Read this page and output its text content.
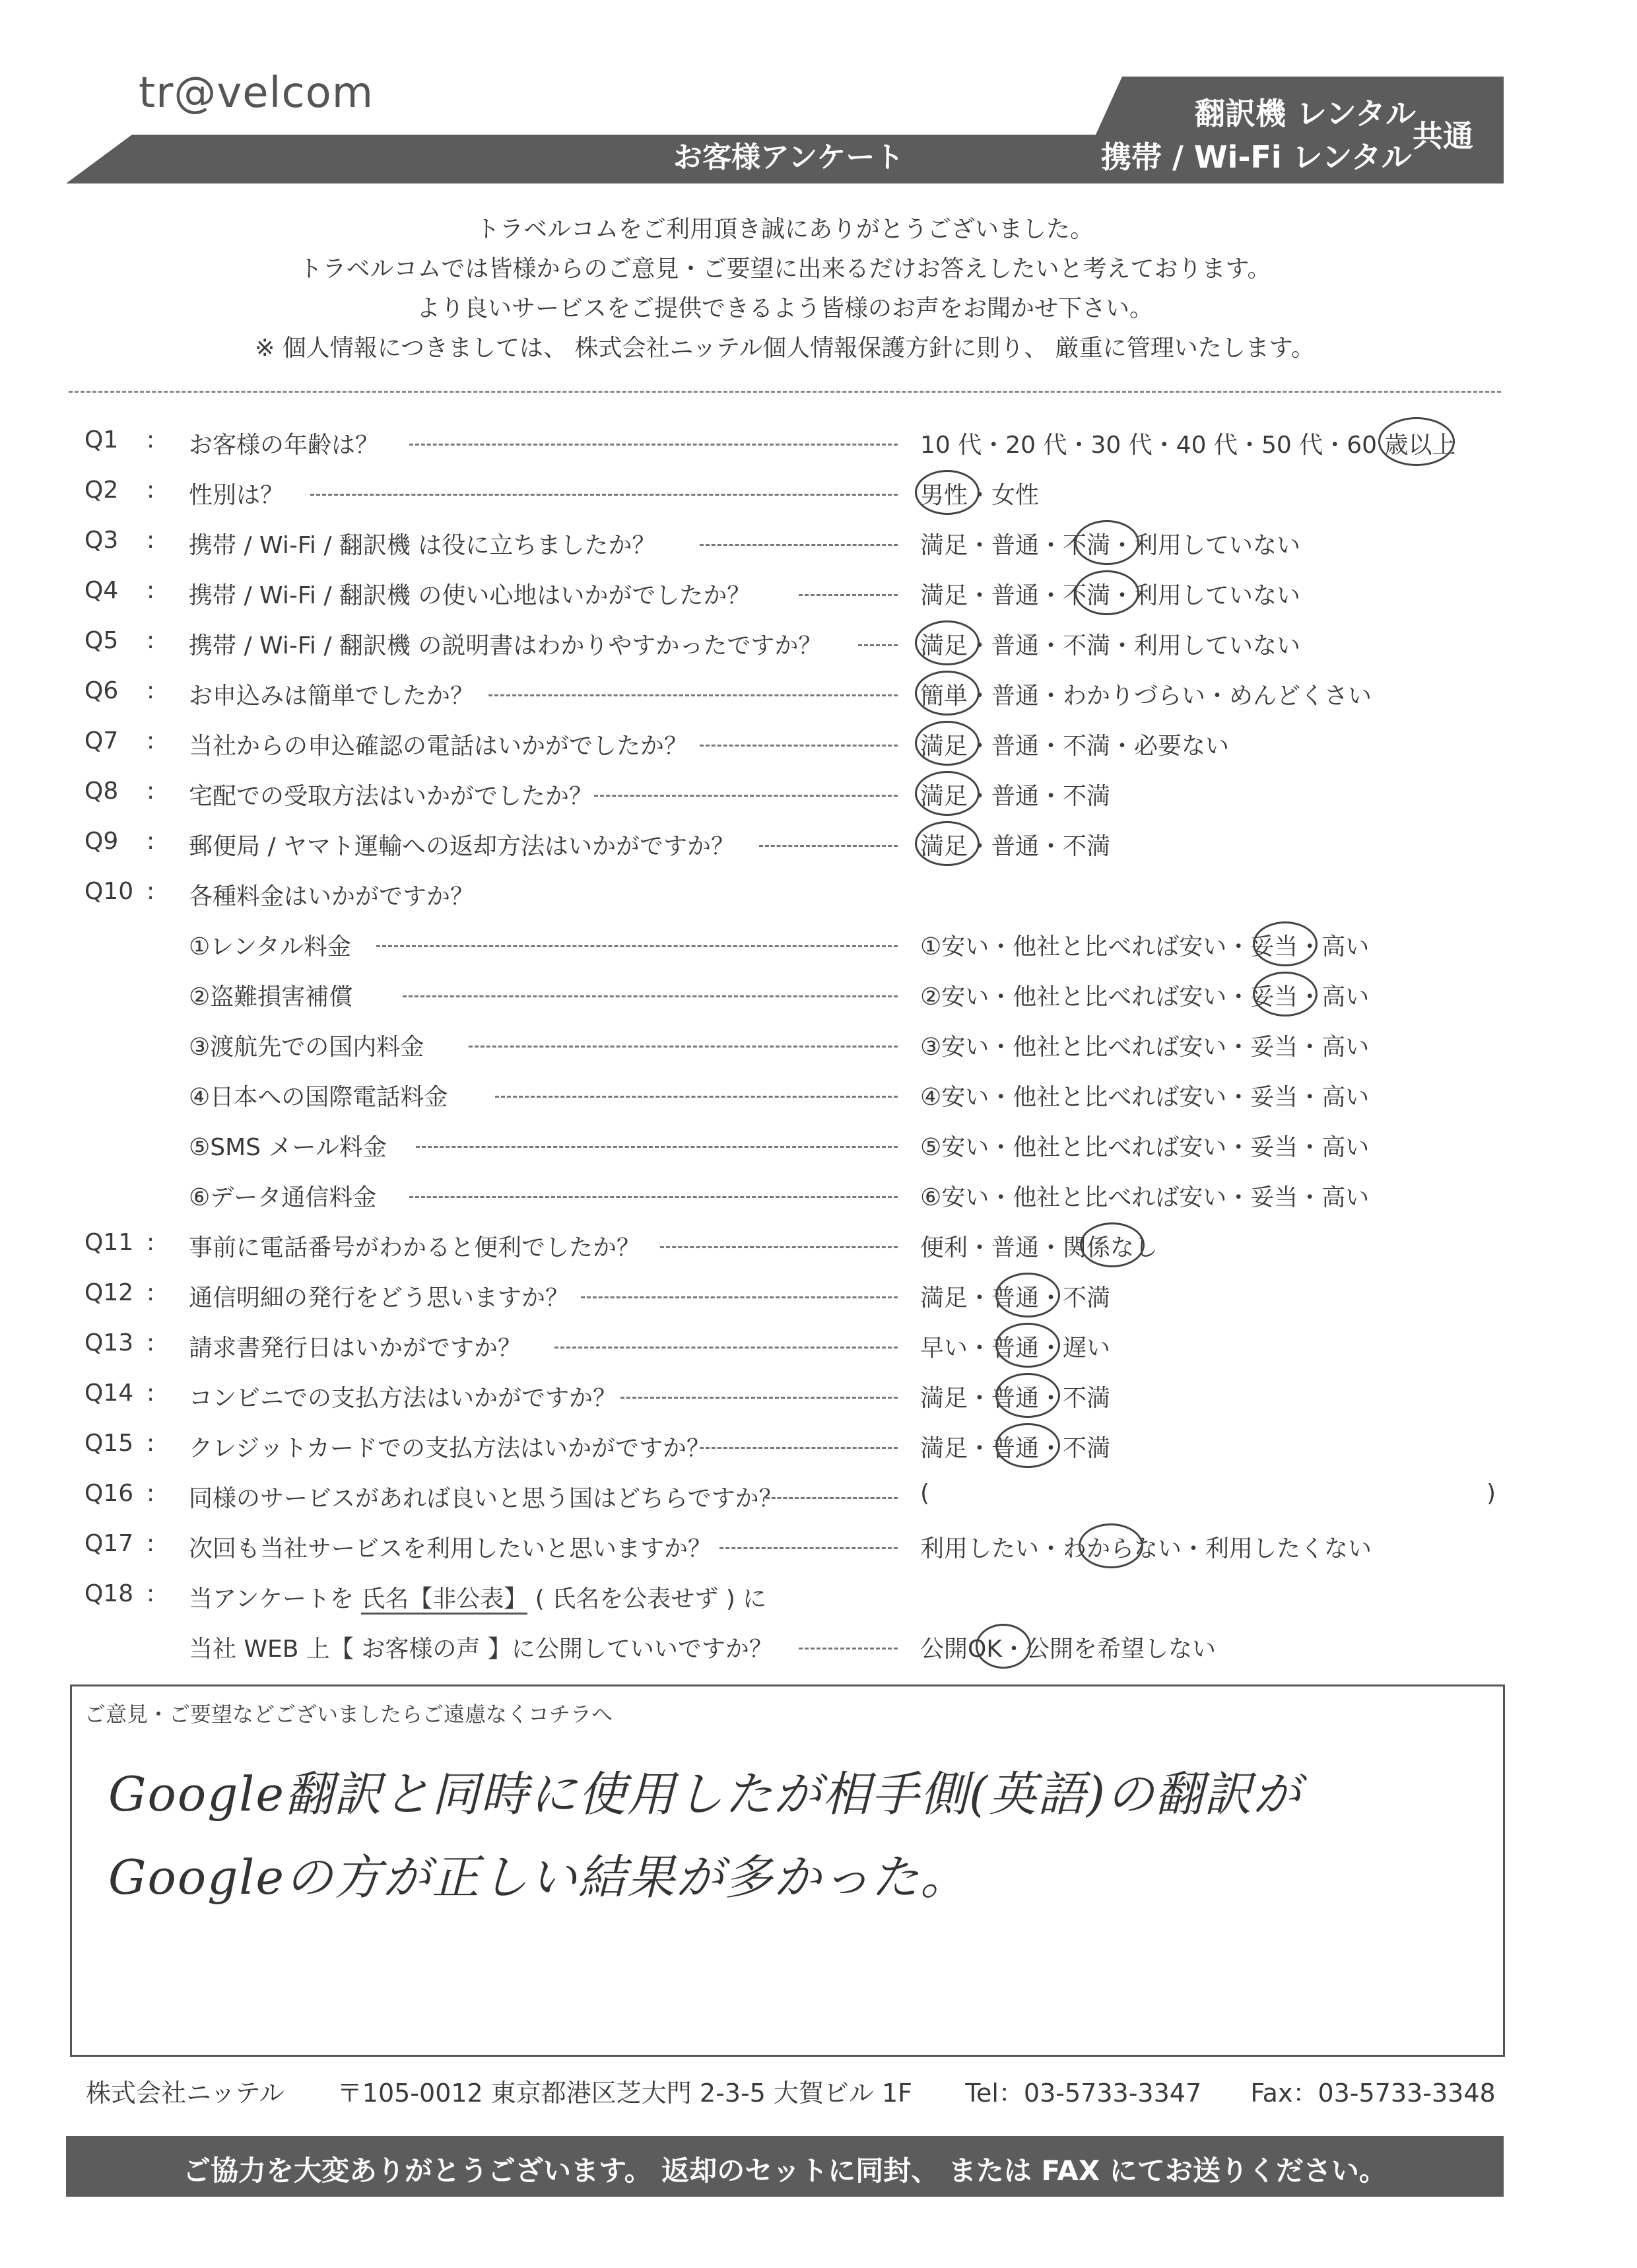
tr@velcom
お客様アンケート
翻訳機 レンタル
携帯 / Wi-Fi レンタル
共通
トラベルコムをご利用頂き誠にありがとうございました。
トラベルコムでは皆様からのご意見・ご要望に出来るだけお答えしたいと考えております。
より良いサービスをご提供できるよう皆様のお声をお聞かせ下さい。
※ 個人情報につきましては、 株式会社ニッテル個人情報保護方針に則り、 厳重に管理いたします。
Q1 : お客様の年齢は？	10 代・20 代・30 代・40 代・50 代・60 歳以上
Q2 : 性別は？	男性・女性
Q3 : 携帯 / Wi-Fi / 翻訳機 は役に立ちましたか？	満足・普通・不満・利用していない
Q4 : 携帯 / Wi-Fi / 翻訳機 の使い心地はいかがでしたか？	満足・普通・不満・利用していない
Q5 : 携帯 / Wi-Fi / 翻訳機 の説明書はわかりやすかったですか？	満足・普通・不満・利用していない
Q6 : お申込みは簡単でしたか？	簡単・普通・わかりづらい・めんどくさい
Q7 : 当社からの申込確認の電話はいかがでしたか？	満足・普通・不満・必要ない
Q8 : 宅配での受取方法はいかがでしたか？	満足・普通・不満
Q9 : 郵便局 / ヤマト運輸への返却方法はいかがですか？	満足・普通・不満
Q10 : 各種料金はいかがですか？
①レンタル料金	①安い・他社と比べれば安い・妥当・高い
②盗難損害補償	②安い・他社と比べれば安い・妥当・高い
③渡航先での国内料金	③安い・他社と比べれば安い・妥当・高い
④日本への国際電話料金	④安い・他社と比べれば安い・妥当・高い
⑤SMS メール料金	⑤安い・他社と比べれば安い・妥当・高い
⑥データ通信料金	⑥安い・他社と比べれば安い・妥当・高い
Q11 : 事前に電話番号がわかると便利でしたか？	便利・普通・関係なし
Q12 : 通信明細の発行をどう思いますか？	満足・普通・不満
Q13 : 請求書発行日はいかがですか？	早い・普通・遅い
Q14 : コンビニでの支払方法はいかがですか？	満足・普通・不満
Q15 : クレジットカードでの支払方法はいかがですか？	満足・普通・不満
Q16 : 同様のサービスがあれば良いと思う国はどちらですか？	(	)
Q17 : 次回も当社サービスを利用したいと思いますか？	利用したい・わからない・利用したくない
Q18 : 当アンケートを 氏名【非公表】 ( 氏名を公表せず ) に
当社 WEB 上【 お客様の声 】に公開していいですか？	公開OK・公開を希望しない
ご意見・ご要望などございましたらご遠慮なくコチラへ
Google翻訳と同時に使用したが相手側(英語)の翻訳が
Googleの方が正しい結果が多かった。
株式会社ニッテル 〒105-0012 東京都港区芝大門 2-3-5 大賀ビル 1F Tel：03-5733-3347 Fax：03-5733-3348
ご協力を大変ありがとうございます。 返却のセットに同封、 または FAX にてお送りください。
